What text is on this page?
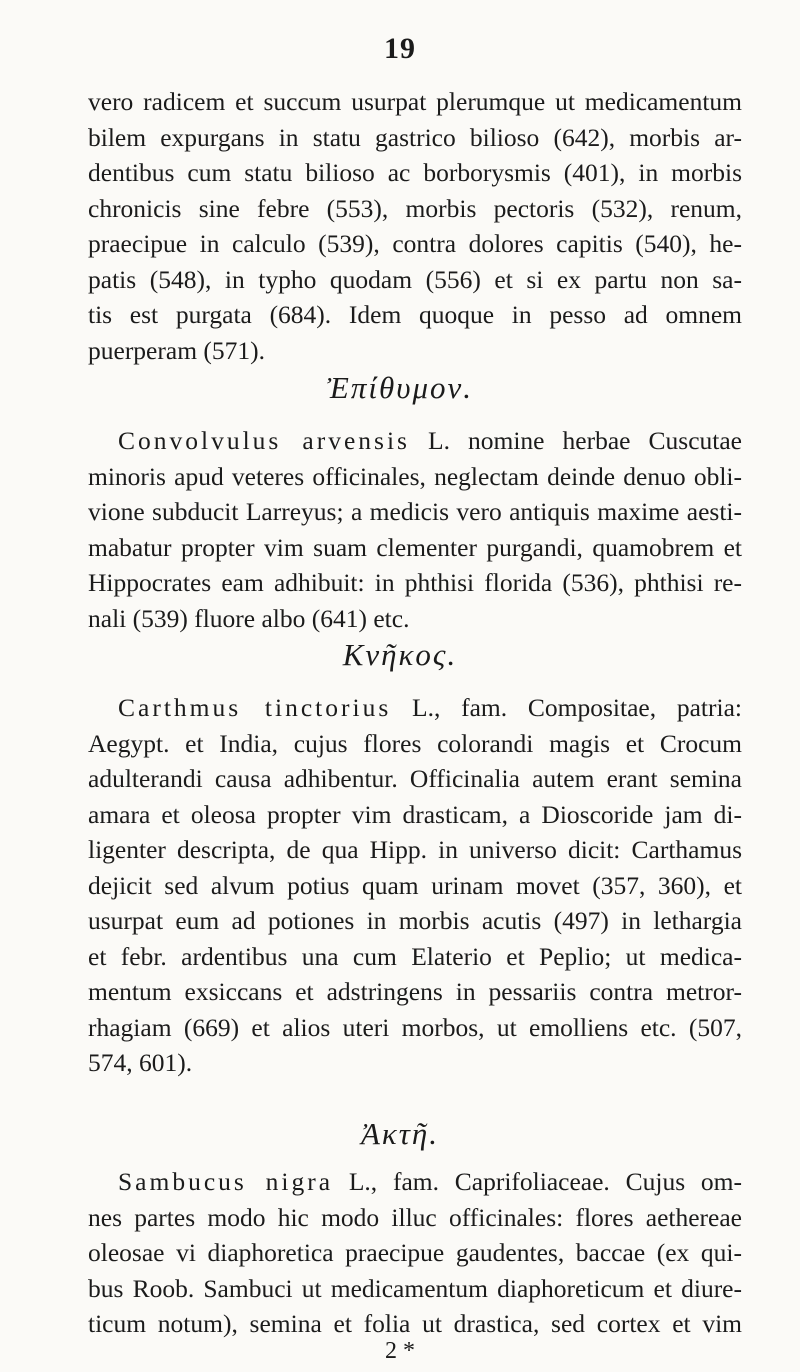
19
vero radicem et succum usurpat plerumque ut medicamentum
bilem expurgans in statu gastrico bilioso (642), morbis ar-
dentibus cum statu bilioso ac borborysmis (401), in morbis
chronicis sine febre (553), morbis pectoris (532), renum,
praecipue in calculo (539), contra dolores capitis (540), he-
patis (548), in typho quodam (556) et si ex partu non sa-
tis est purgata (684). Idem quoque in pesso ad omnem
puerperam (571).
Ἐπίθυμον.
Convolvulus arvensis L. nomine herbae Cuscutae
minoris apud veteres officinales, neglectam deinde denuo obli-
vione subducit Larreyus; a medicis vero antiquis maxime aesti-
mabatur propter vim suam clementer purgandi, quamobrem et
Hippocrates eam adhibuit: in phthisi florida (536), phthisi re-
nali (539) fluore albo (641) etc.
Κνῆκος.
Carthmus tinctorius L., fam. Compositae, patria:
Aegypt. et India, cujus flores colorandi magis et Crocum
adulterandi causa adhibentur. Officinalia autem erant semina
amara et oleosa propter vim drasticam, a Dioscoride jam di-
ligenter descripta, de qua Hipp. in universo dicit: Carthamus
dejicit sed alvum potius quam urinam movet (357, 360), et
usurpat eum ad potiones in morbis acutis (497) in lethargia
et febr. ardentibus una cum Elaterio et Peplio; ut medica-
mentum exsiccans et adstringens in pessariis contra metror-
rhagiam (669) et alios uteri morbos, ut emolliens etc. (507,
574, 601).
Ἀκτῆ.
Sambucus nigra L., fam. Caprifoliaceae. Cujus om-
nes partes modo hic modo illuc officinales: flores aethereae
oleosae vi diaphoretica praecipue gaudentes, baccae (ex qui-
bus Roob. Sambuci ut medicamentum diaphoreticum et diure-
ticum notum), semina et folia ut drastica, sed cortex et vim
2 *
